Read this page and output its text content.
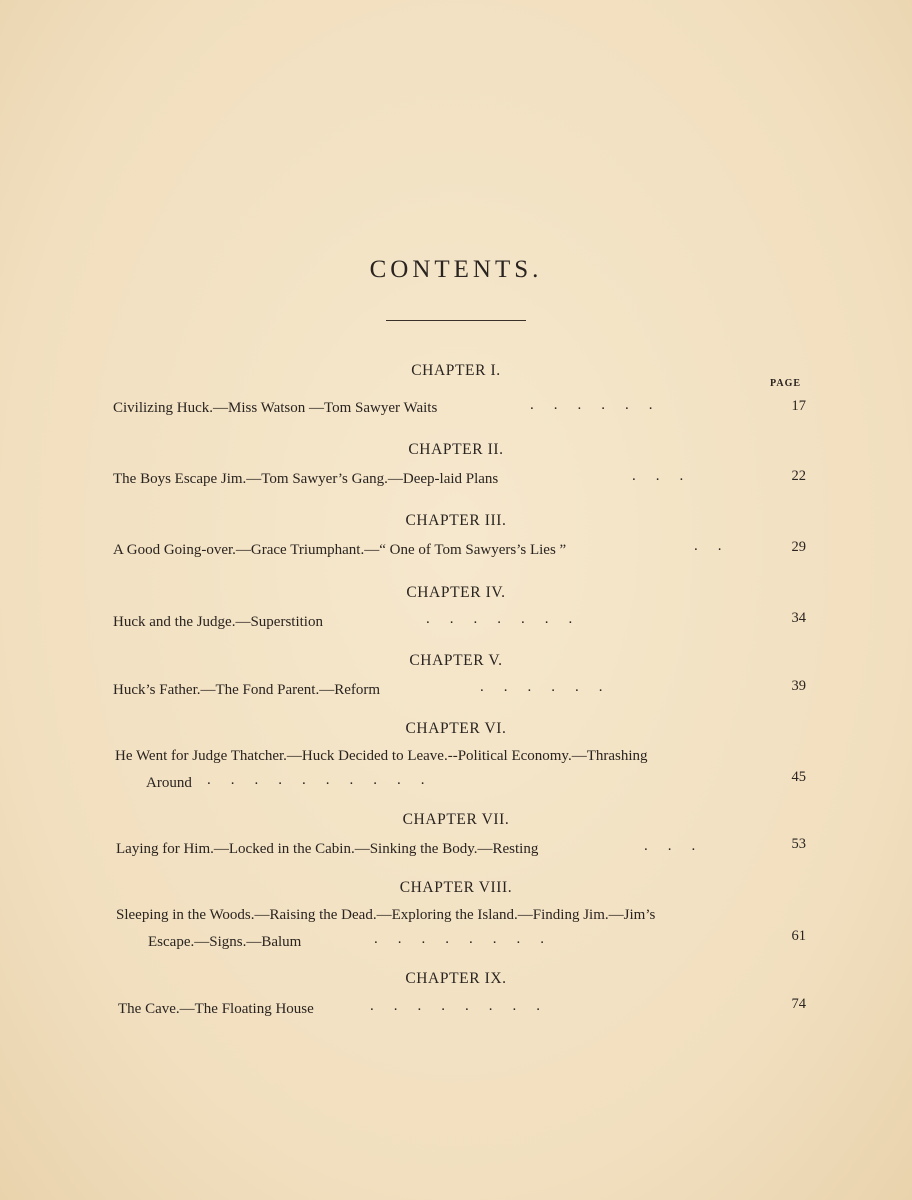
CONTENTS.
PAGE
CHAPTER I.
Civilizing Huck.—Miss Watson —Tom Sawyer Waits	......	17
CHAPTER II.
The Boys Escape Jim.—Tom Sawyer’s Gang.—Deep-laid Plans	...	22
CHAPTER III.
A Good Going-over.—Grace Triumphant.—“ One of Tom Sawyers’s Lies ”	..	29
CHAPTER IV.
Huck and the Judge.—Superstition	.......	34
CHAPTER V.
Huck’s Father.—The Fond Parent.—Reform	......	39
CHAPTER VI.
He Went for Judge Thatcher.—Huck Decided to Leave.--Political Economy.—Thrashing
Around ..........	45
CHAPTER VII.
Laying for Him.—Locked in the Cabin.—Sinking the Body.—Resting	...	53
CHAPTER VIII.
Sleeping in the Woods.—Raising the Dead.—Exploring the Island.—Finding Jim.—Jim’s
Escape.—Signs.—Balum	........	61
CHAPTER IX.
The Cave.—The Floating House	........	74
